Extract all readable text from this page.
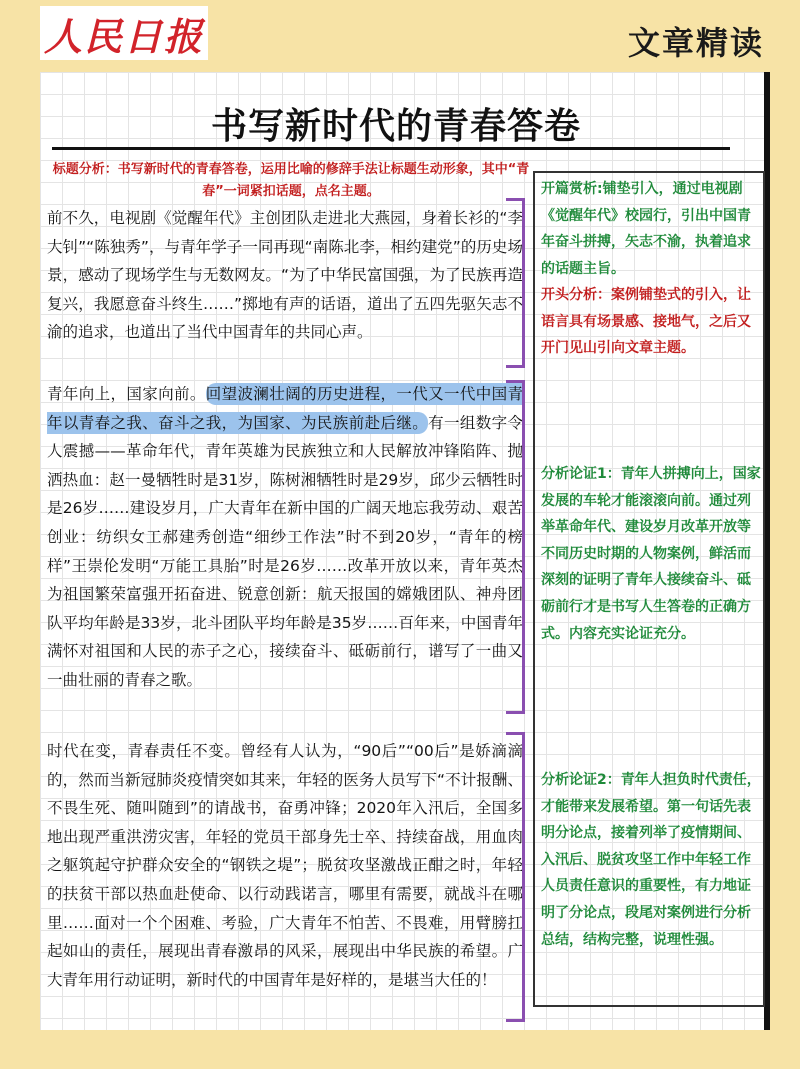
人民日报	文章精读
书写新时代的青春答卷
标题分析：书写新时代的青春答卷，运用比喻的修辞手法让标题生动形象，其中“青春”一词紧扣话题，点名主题。
前不久，电视剧《觉醒年代》主创团队走进北大燕园，身着长衫的“李大钊”“陈独秀”，与青年学子一同再现“南陈北李，相约建党”的历史场景，感动了现场学生与无数网友。“为了中华民富国强，为了民族再造复兴，我愿意奋斗终生……”掷地有声的话语，道出了五四先驱矢志不渝的追求，也道出了当代中国青年的共同心声。
青年向上，国家向前。回望波澜壮阔的历史进程，一代又一代中国青年以青春之我、奋斗之我，为国家、为民族前赴后继。有一组数字令人震撼——革命年代，青年英雄为民族独立和人民解放冲锋陷阵、抛洒热血：赵一曼牺牲时是31岁，陈树湘牺牲时是29岁，邱少云牺牲时是26岁……建设岁月，广大青年在新中国的广阔天地忘我劳动、艰苦创业：纺织女工郝建秀创造“细纱工作法”时不到20岁，“青年的榜样”王崇伦发明“万能工具胎”时是26岁……改革开放以来，青年英杰为祖国繁荣富强开拓奋进、锐意创新：航天报国的嫦娥团队、神舟团队平均年龄是33岁，北斗团队平均年龄是35岁……百年来，中国青年满怀对祖国和人民的赤子之心，接续奋斗、砥砺前行，谱写了一曲又一曲壮丽的青春之歌。
时代在变，青春责任不变。曾经有人认为，“90后”“00后”是娇滴滴的，然而当新冠肺炎疫情突如其来，年轻的医务人员写下“不计报酬、不畏生死、随叫随到”的请战书，奋勇冲锋；2020年入汛后，全国多地出现严重洪涝灾害，年轻的党员干部身先士卒、持续奋战，用血肉之躯筑起守护群众安全的“钢铁之堤”；脱贫攻坚激战正酣之时，年轻的扶贫干部以热血赴使命、以行动践诺言，哪里有需要，就战斗在哪里……面对一个个困难、考验，广大青年不怕苦、不畏难，用臂膀扛起如山的责任，展现出青春激昂的风采，展现出中华民族的希望。广大青年用行动证明，新时代的中国青年是好样的，是堪当大任的！
开篇赏析:铺垫引入，通过电视剧《觉醒年代》校园行，引出中国青年奋斗拼搏，矢志不渝，执着追求的话题主旨。
开头分析：案例铺垫式的引入，让语言具有场景感、接地气，之后又开门见山引向文章主题。
分析论证1：青年人拼搏向上，国家发展的车轮才能滚滚向前。通过列举革命年代、建设岁月改革开放等不同历史时期的人物案例，鲜活而深刻的证明了青年人接续奋斗、砥砺前行才是书写人生答卷的正确方式。内容充实论证充分。
分析论证2：青年人担负时代责任，才能带来发展希望。第一句话先表明分论点，接着列举了疫情期间、入汛后、脱贫攻坚工作中年轻工作人员责任意识的重要性，有力地证明了分论点，段尾对案例进行分析总结，结构完整，说理性强。
